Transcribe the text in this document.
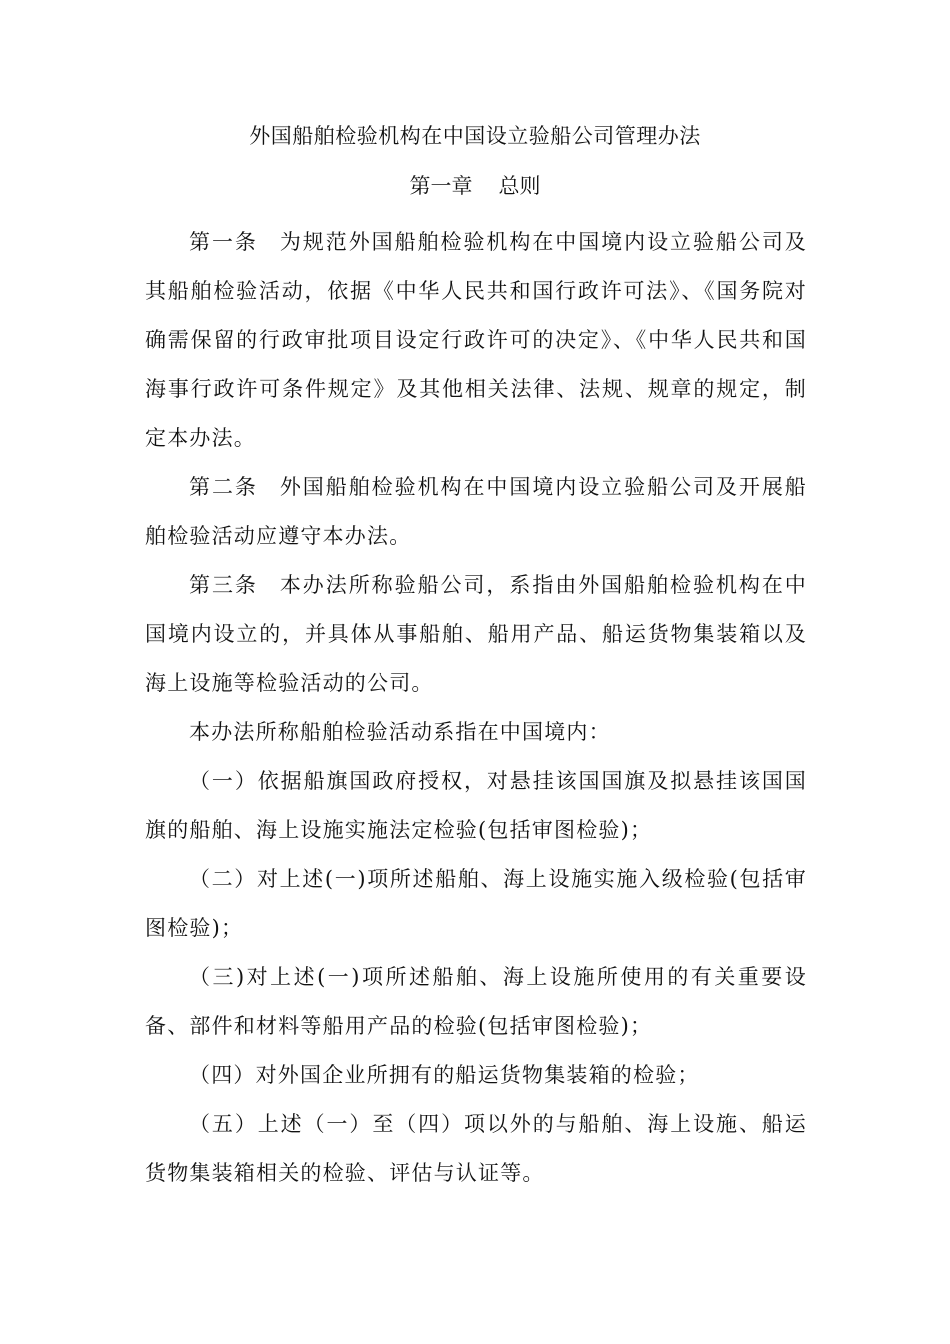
外国船舶检验机构在中国设立验船公司管理办法
第一章 总则

第一条 为规范外国船舶检验机构在中国境内设立验船公司及其船舶检验活动，依据《中华人民共和国行政许可法》、《国务院对确需保留的行政审批项目设定行政许可的决定》、《中华人民共和国海事行政许可条件规定》及其他相关法律、法规、规章的规定，制定本办法。

第二条 外国船舶检验机构在中国境内设立验船公司及开展船舶检验活动应遵守本办法。

第三条 本办法所称验船公司，系指由外国船舶检验机构在中国境内设立的，并具体从事船舶、船用产品、船运货物集装箱以及海上设施等检验活动的公司。

本办法所称船舶检验活动系指在中国境内：

（一）依据船旗国政府授权，对悬挂该国国旗及拟悬挂该国国旗的船舶、海上设施实施法定检验(包括审图检验)；

（二）对上述(一)项所述船舶、海上设施实施入级检验(包括审图检验)；

（三)对上述(一)项所述船舶、海上设施所使用的有关重要设备、部件和材料等船用产品的检验(包括审图检验)；

（四）对外国企业所拥有的船运货物集装箱的检验；

（五）上述（一）至（四）项以外的与船舶、海上设施、船运货物集装箱相关的检验、评估与认证等。
